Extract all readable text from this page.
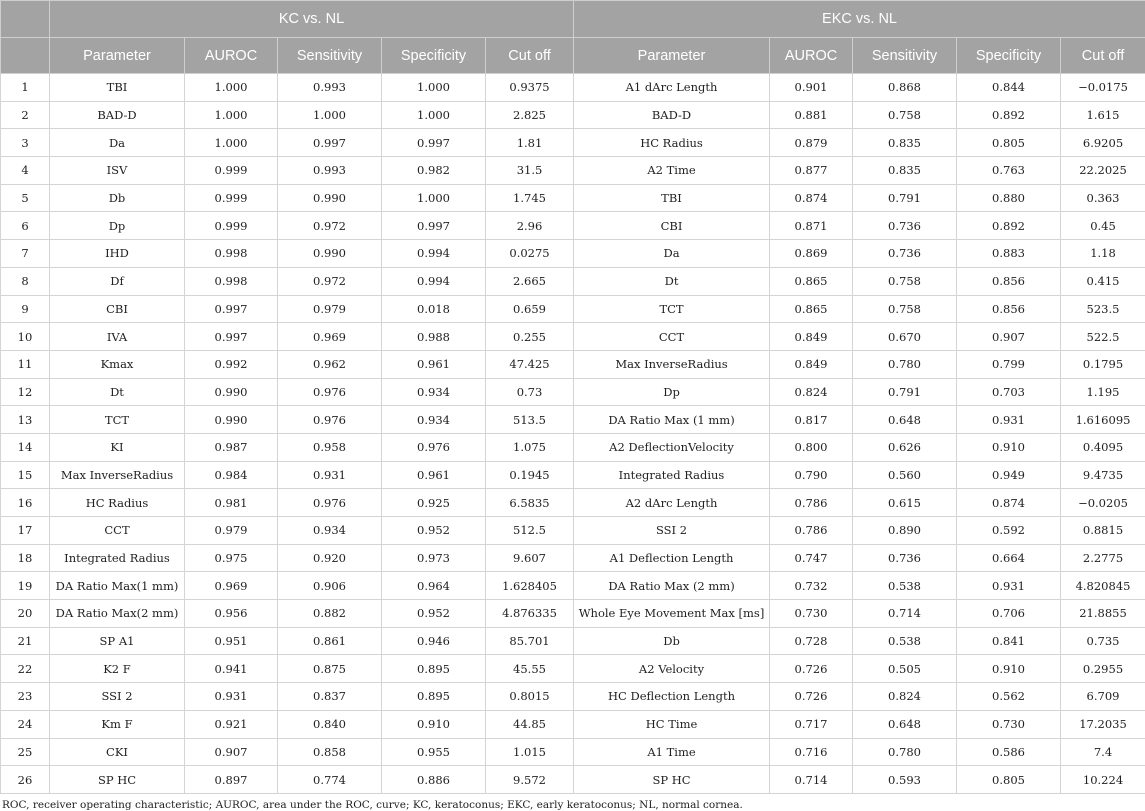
	KC vs. NL					EKC vs. NL				
	Parameter	AUROC	Sensitivity	Specificity	Cut off	Parameter	AUROC	Sensitivity	Specificity	Cut off
1	TBI	1.000	0.993	1.000	0.9375	A1 dArc Length	0.901	0.868	0.844	−0.0175
2	BAD-D	1.000	1.000	1.000	2.825	BAD-D	0.881	0.758	0.892	1.615
3	Da	1.000	0.997	0.997	1.81	HC Radius	0.879	0.835	0.805	6.9205
4	ISV	0.999	0.993	0.982	31.5	A2 Time	0.877	0.835	0.763	22.2025
5	Db	0.999	0.990	1.000	1.745	TBI	0.874	0.791	0.880	0.363
6	Dp	0.999	0.972	0.997	2.96	CBI	0.871	0.736	0.892	0.45
7	IHD	0.998	0.990	0.994	0.0275	Da	0.869	0.736	0.883	1.18
8	Df	0.998	0.972	0.994	2.665	Dt	0.865	0.758	0.856	0.415
9	CBI	0.997	0.979	0.018	0.659	TCT	0.865	0.758	0.856	523.5
10	IVA	0.997	0.969	0.988	0.255	CCT	0.849	0.670	0.907	522.5
11	Kmax	0.992	0.962	0.961	47.425	Max InverseRadius	0.849	0.780	0.799	0.1795
12	Dt	0.990	0.976	0.934	0.73	Dp	0.824	0.791	0.703	1.195
13	TCT	0.990	0.976	0.934	513.5	DA Ratio Max (1 mm)	0.817	0.648	0.931	1.616095
14	KI	0.987	0.958	0.976	1.075	A2 DeflectionVelocity	0.800	0.626	0.910	0.4095
15	Max InverseRadius	0.984	0.931	0.961	0.1945	Integrated Radius	0.790	0.560	0.949	9.4735
16	HC Radius	0.981	0.976	0.925	6.5835	A2 dArc Length	0.786	0.615	0.874	−0.0205
17	CCT	0.979	0.934	0.952	512.5	SSI 2	0.786	0.890	0.592	0.8815
18	Integrated Radius	0.975	0.920	0.973	9.607	A1 Deflection Length	0.747	0.736	0.664	2.2775
19	DA Ratio Max(1 mm)	0.969	0.906	0.964	1.628405	DA Ratio Max (2 mm)	0.732	0.538	0.931	4.820845
20	DA Ratio Max(2 mm)	0.956	0.882	0.952	4.876335	Whole Eye Movement Max [ms]	0.730	0.714	0.706	21.8855
21	SP A1	0.951	0.861	0.946	85.701	Db	0.728	0.538	0.841	0.735
22	K2 F	0.941	0.875	0.895	45.55	A2 Velocity	0.726	0.505	0.910	0.2955
23	SSI 2	0.931	0.837	0.895	0.8015	HC Deflection Length	0.726	0.824	0.562	6.709
24	Km F	0.921	0.840	0.910	44.85	HC Time	0.717	0.648	0.730	17.2035
25	CKI	0.907	0.858	0.955	1.015	A1 Time	0.716	0.780	0.586	7.4
26	SP HC	0.897	0.774	0.886	9.572	SP HC	0.714	0.593	0.805	10.224
ROC, receiver operating characteristic; AUROC, area under the ROC, curve; KC, keratoconus; EKC, early keratoconus; NL, normal cornea.
